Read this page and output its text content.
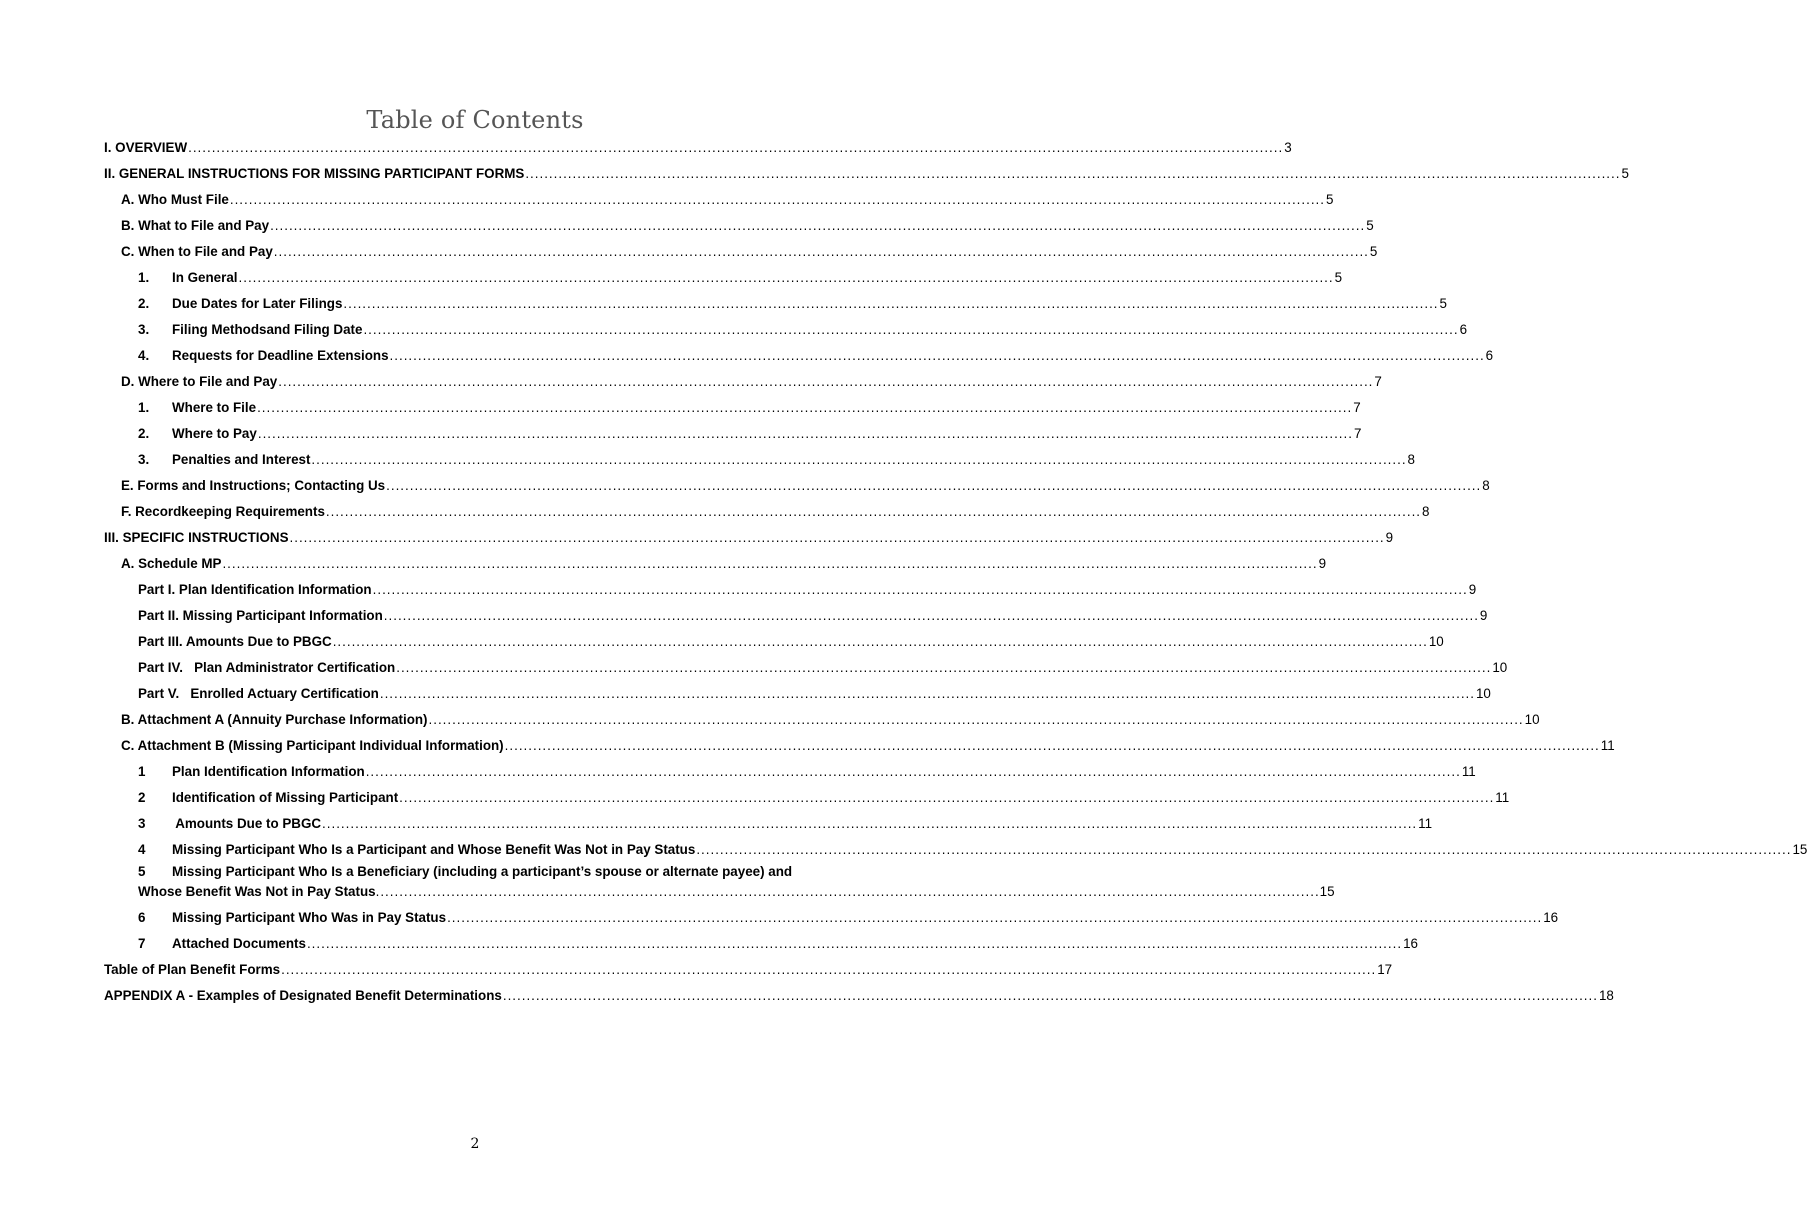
Table of Contents
I. OVERVIEW .....	3
II. GENERAL INSTRUCTIONS FOR MISSING PARTICIPANT FORMS .....	5
A. Who Must File .....	5
B. What to File and Pay .....	5
C. When to File and Pay .....	5
1. In General .....	5
2. Due Dates for Later Filings .....	5
3. Filing Methodsand Filing Date .....	6
4. Requests for Deadline Extensions .....	6
D. Where to File and Pay .....	7
1. Where to File .....	7
2. Where to Pay .....	7
3. Penalties and Interest .....	8
E. Forms and Instructions; Contacting Us .....	8
F. Recordkeeping Requirements .....	8
III. SPECIFIC INSTRUCTIONS .....	9
A. Schedule MP .....	9
Part I. Plan Identification Information .....	9
Part II. Missing Participant Information .....	9
Part III. Amounts Due to PBGC .....	10
Part IV.   Plan Administrator Certification .....	10
Part V.   Enrolled Actuary Certification .....	10
B. Attachment A (Annuity Purchase Information) .....	10
C. Attachment B (Missing Participant Individual Information) .....	11
1 Plan Identification Information .....	11
2 Identification of Missing Participant .....	11
3 Amounts Due to PBGC .....	11
4 Missing Participant Who Is a Participant and Whose Benefit Was Not in Pay Status .....	15
5 Missing Participant Who Is a Beneficiary (including a participant’s spouse or alternate payee) and
Whose Benefit Was Not in Pay Status ........................................................................................................................................................................................................ 15
6 Missing Participant Who Was in Pay Status .....	16
7 Attached Documents .....	16
Table of Plan Benefit Forms .....	17
APPENDIX A - Examples of Designated Benefit Determinations .....	18
2
